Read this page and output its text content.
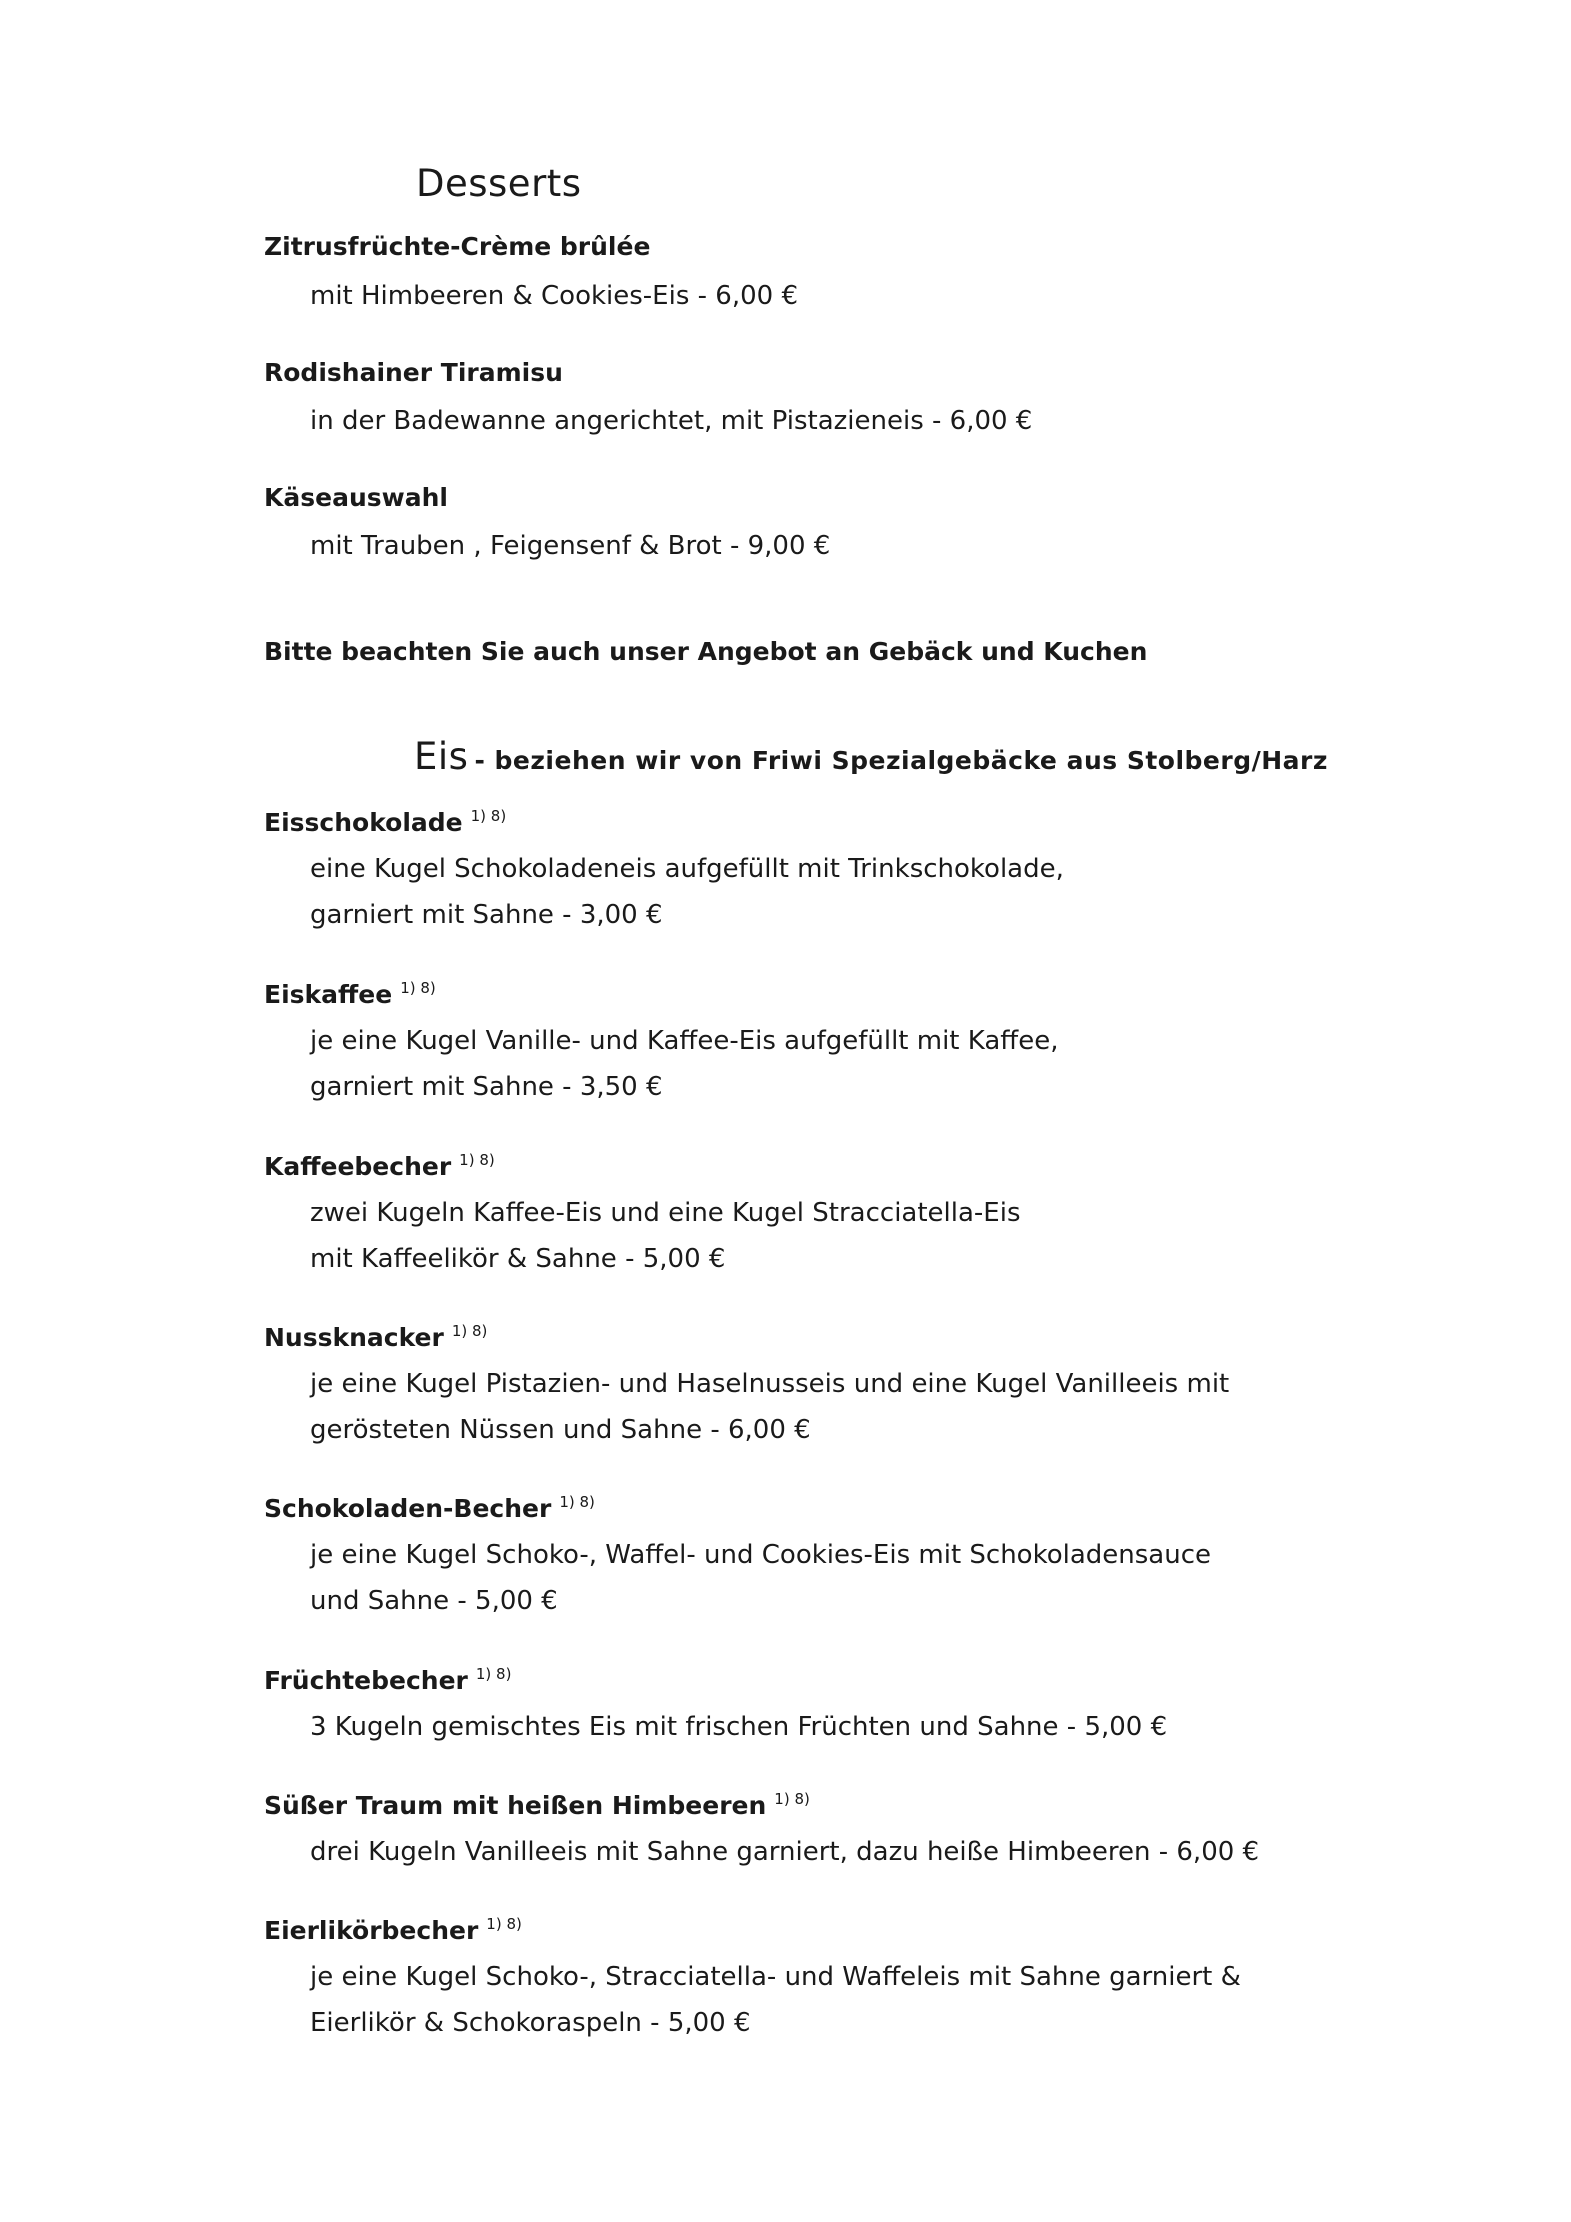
Desserts
Zitrusfrüchte-Crème brûlée
mit Himbeeren & Cookies-Eis - 6,00 €
Rodishainer Tiramisu
in der Badewanne angerichtet, mit Pistazieneis - 6,00 €
Käseauswahl
mit Trauben , Feigensenf & Brot - 9,00 €
Bitte beachten Sie auch unser Angebot an Gebäck und Kuchen
Eis - beziehen wir von Friwi Spezialgebäcke aus Stolberg/Harz
Eisschokolade $^{1) 8)}$
eine Kugel Schokoladeneis aufgefüllt mit Trinkschokolade,
garniert mit Sahne - 3,00 €
Eiskaffee $^{1) 8)}$
je eine Kugel Vanille- und Kaffee-Eis aufgefüllt mit Kaffee,
garniert mit Sahne - 3,50 €
Kaffeebecher $^{1) 8)}$
zwei Kugeln Kaffee-Eis und eine Kugel Stracciatella-Eis
mit Kaffeelikör & Sahne - 5,00 €
Nussknacker $^{1) 8)}$
je eine Kugel Pistazien- und Haselnusseis und eine Kugel Vanilleeis mit
gerösteten Nüssen und Sahne - 6,00 €
Schokoladen-Becher $^{1) 8)}$
je eine Kugel Schoko-, Waffel- und Cookies-Eis mit Schokoladensauce
und Sahne - 5,00 €
Früchtebecher $^{1) 8)}$
3 Kugeln gemischtes Eis mit frischen Früchten und Sahne - 5,00 €
Süßer Traum mit heißen Himbeeren $^{1) 8)}$
drei Kugeln Vanilleeis mit Sahne garniert, dazu heiße Himbeeren - 6,00 €
Eierlikörbecher $^{1) 8)}$
je eine Kugel Schoko-, Stracciatella- und Waffeleis mit Sahne garniert &
Eierlikör & Schokoraspeln - 5,00 €
